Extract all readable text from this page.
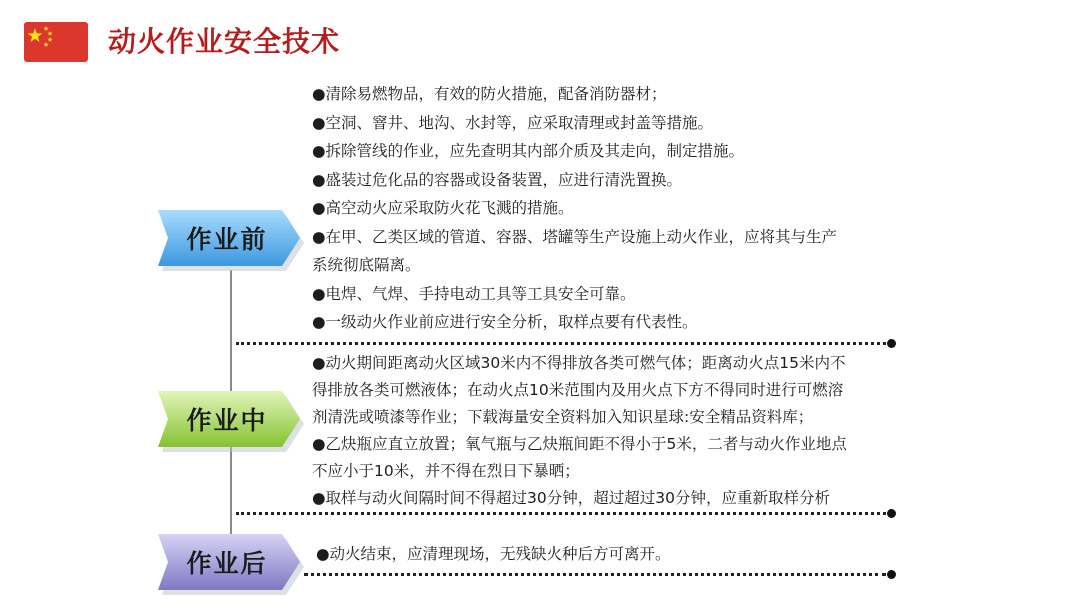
动火作业安全技术
作业前
作业中
作业后
●清除易燃物品，有效的防火措施，配备消防器材；
●空洞、窨井、地沟、水封等，应采取清理或封盖等措施。
●拆除管线的作业，应先查明其内部介质及其走向，制定措施。
●盛装过危化品的容器或设备装置，应进行清洗置换。
●高空动火应采取防火花飞溅的措施。
●在甲、乙类区域的管道、容器、塔罐等生产设施上动火作业，应将其与生产
系统彻底隔离。
●电焊、气焊、手持电动工具等工具安全可靠。
●一级动火作业前应进行安全分析，取样点要有代表性。
●动火期间距离动火区域30米内不得排放各类可燃气体；距离动火点15米内不
得排放各类可燃液体；在动火点10米范围内及用火点下方不得同时进行可燃溶
剂清洗或喷漆等作业；下载海量安全资料加入知识星球:安全精品资料库；
●乙炔瓶应直立放置；氧气瓶与乙炔瓶间距不得小于5米，二者与动火作业地点
不应小于10米，并不得在烈日下暴晒；
●取样与动火间隔时间不得超过30分钟，超过超过30分钟，应重新取样分析
●动火结束，应清理现场，无残缺火种后方可离开。
